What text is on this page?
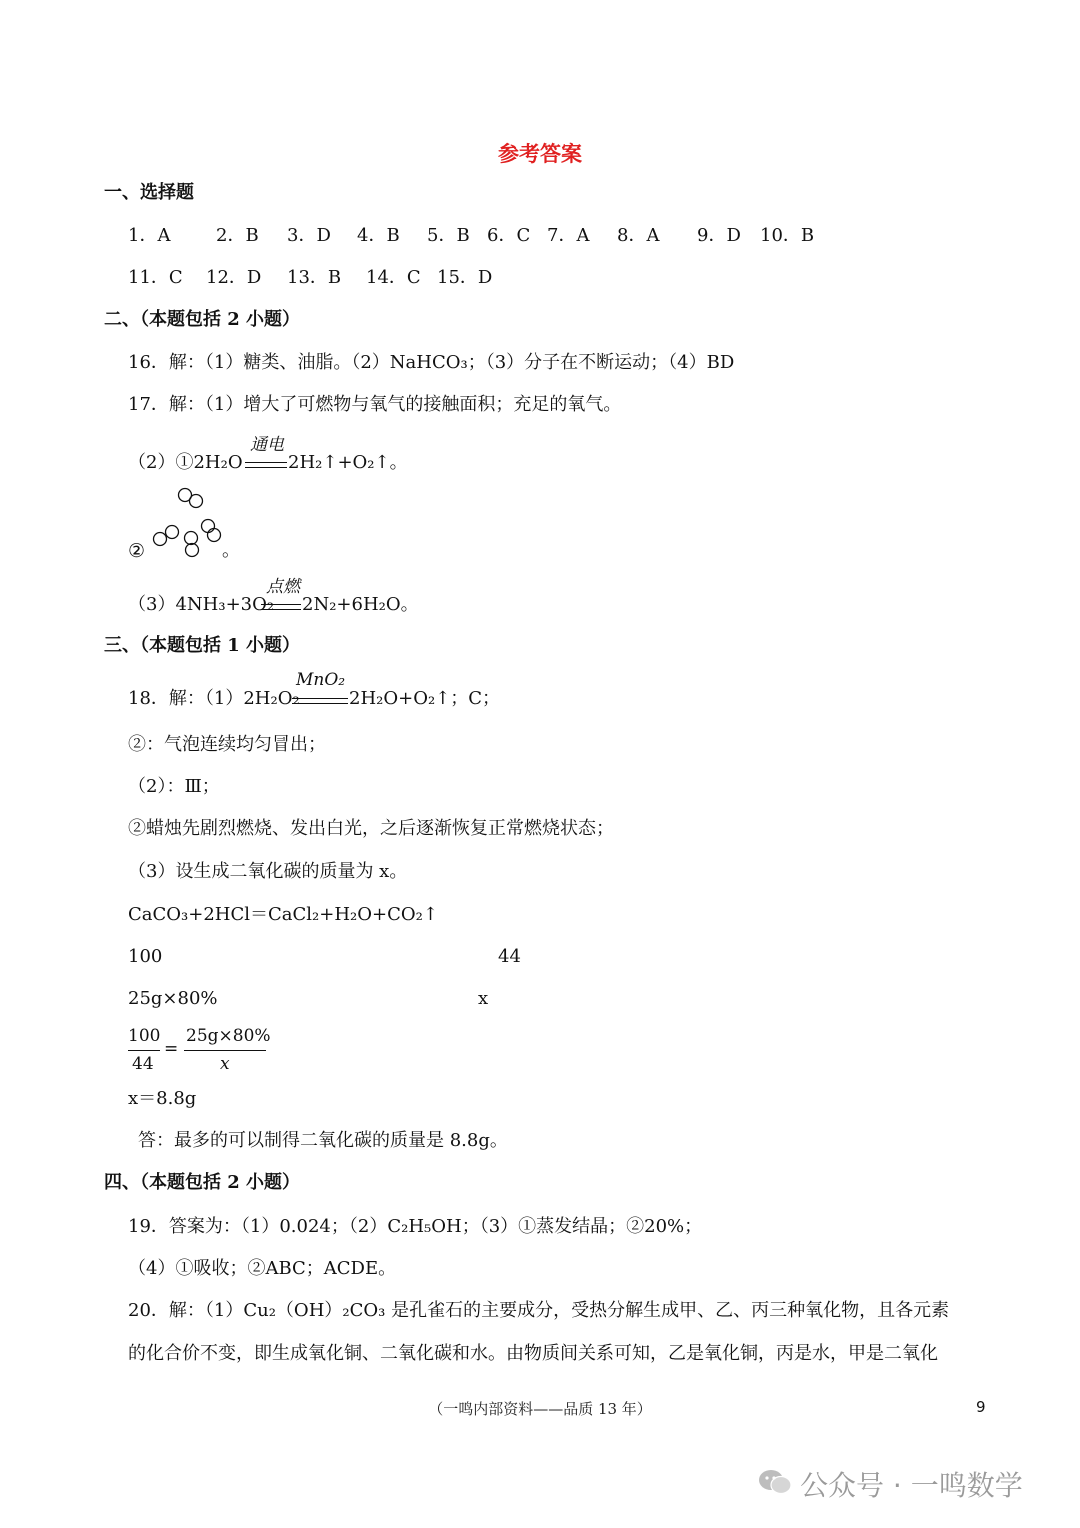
参考答案
一、选择题
1．A	2．B 3．D 4．B 5．B 6．C 7．A 8．A 9．D 10．B
11．C 12．D 13．B 14．C 15．D
二、（本题包括 2 小题）
16．解：（1）糖类、油脂。（2）NaHCO₃；（3）分子在不断运动；（4）BD
17．解：（1）增大了可燃物与氧气的接触面积；充足的氧气。
（2）①2H₂O
通电
2H₂↑+O₂↑。
②	。
（3）4NH₃+3O₂
点燃
2N₂+6H₂O。
三、（本题包括 1 小题）
18．解：（1）2H₂O₂
MnO₂
2H₂O+O₂↑；C；
②：气泡连续均匀冒出；
（2）：Ⅲ；
②蜡烛先剧烈燃烧、发出白光，之后逐渐恢复正常燃烧状态；
（3）设生成二氧化碳的质量为 x。
CaCO₃+2HCl＝CaCl₂+H₂O+CO₂↑
100	44
25g×80%	x
100
44
=
25g×80%
x
x＝8.8g
答：最多的可以制得二氧化碳的质量是 8.8g。
四、（本题包括 2 小题）
19．答案为：（1）0.024；（2）C₂H₅OH；（3）①蒸发结晶；②20%；
（4）①吸收；②ABC；ACDE。
20．解：（1）Cu₂（OH）₂CO₃ 是孔雀石的主要成分，受热分解生成甲、乙、丙三种氧化物，且各元素
的化合价不变，即生成氧化铜、二氧化碳和水。由物质间关系可知，乙是氧化铜，丙是水，甲是二氧化
（一鸣内部资料——品质 13 年）	9
公众号 · 一鸣数学
